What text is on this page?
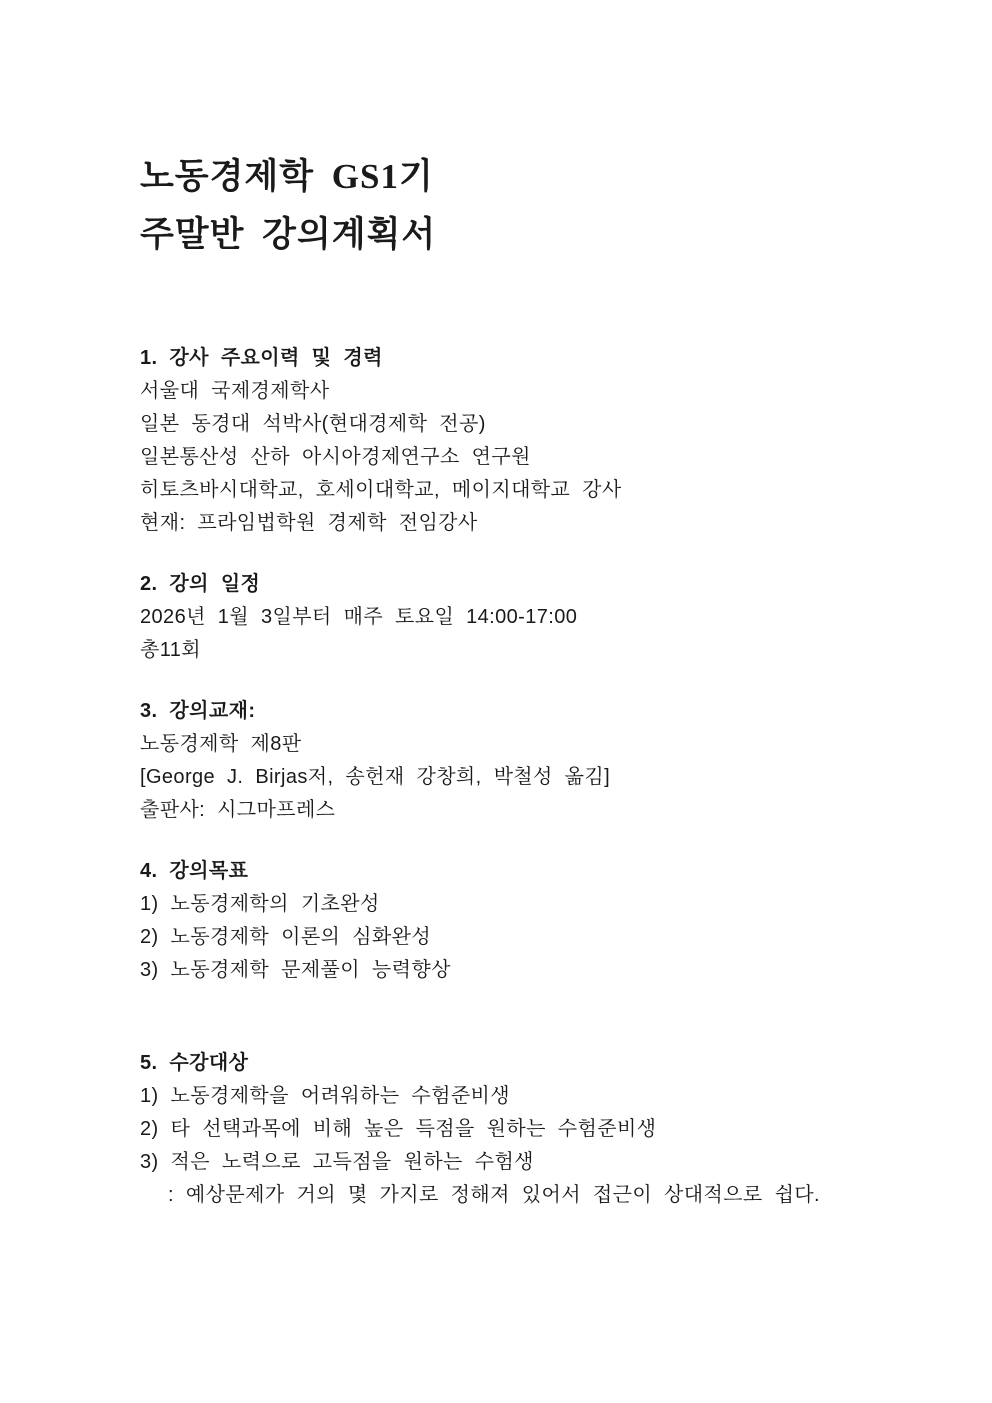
노동경제학 GS1기
주말반 강의계획서
1. 강사 주요이력 및 경력
서울대 국제경제학사
일본 동경대 석박사(현대경제학 전공)
일본통산성 산하 아시아경제연구소 연구원
히토츠바시대학교, 호세이대학교, 메이지대학교 강사
현재: 프라임법학원 경제학 전임강사
2. 강의 일정
2026년 1월 3일부터 매주 토요일 14:00-17:00
총11회
3. 강의교재:
노동경제학 제8판
[George J. Birjas저, 송헌재 강창희, 박철성 옮김]
출판사: 시그마프레스
4. 강의목표
1) 노동경제학의 기초완성
2) 노동경제학 이론의 심화완성
3) 노동경제학 문제풀이 능력향상
5. 수강대상
1) 노동경제학을 어려워하는 수험준비생
2) 타 선택과목에 비해 높은 득점을 원하는 수험준비생
3) 적은 노력으로 고득점을 원하는 수험생
: 예상문제가 거의 몇 가지로 정해져 있어서 접근이 상대적으로 쉽다.
